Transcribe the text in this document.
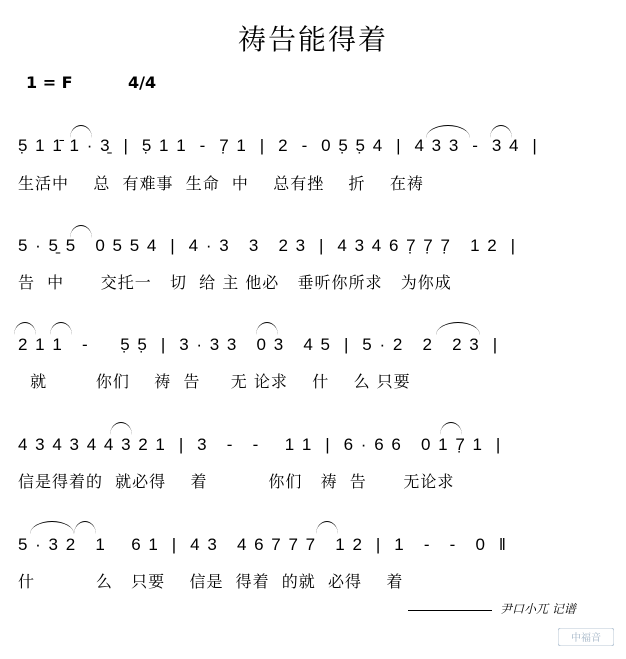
祷告能得着
1 = F	4/4
5̣ 1 1̄ 1 · 3̱  |  5̣ 1 1  -  7̣ 1  |  2  -  0 5̣ 5̣ 4  |  4 3 3  -  3 4  |
生活中    总  有难事  生命  中    总有挫    折    在祷
5 · 5̱ 5   0 5 5 4  |  4 · 3   3   2 3  |  4 3 4 6 7̣ 7̣ 7̣   1 2  |
告  中      交托一   切  给 主 他必   垂听你所求   为你成
2 1 1   -     5̣ 5̣  |  3 · 3 3   0 3   4 5  |  5 · 2   2   2 3  |
就        你们    祷  告     无 论求    什    么 只要
4 3 4 3 4 4 3 2 1  |  3   -   -    1 1  |  6 · 6 6   0 1 7̣ 1  |
信是得着的  就必得    着          你们   祷  告      无论求
5 · 3 2   1    6 1  |  4 3   4 6 7 7 7   1 2  |  1   -   -   0  ‖
什          么   只要    信是  得着  的就  必得    着
尹口小兀 记谱
中福音
